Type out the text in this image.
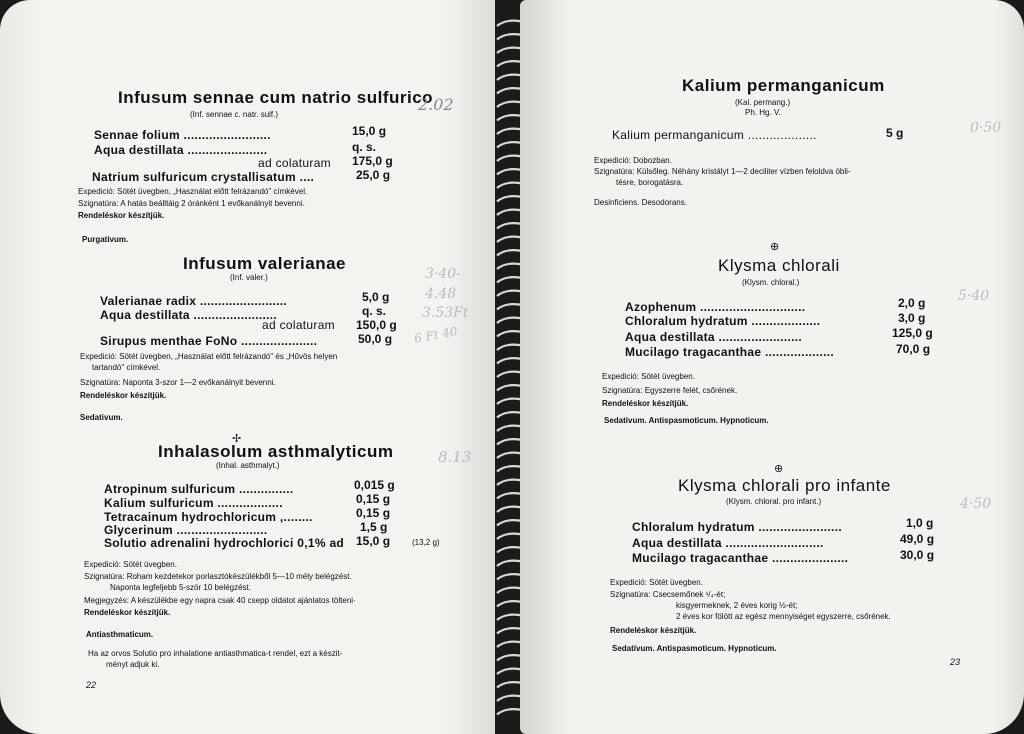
Infusum sennae cum natrio sulfurico
(Inf. sennae c. natr. sulf.)
2.02
Sennae folium ........................	15,0 g
Aqua destillata ......................	q. s.
ad colaturam 175,0 g
Natrium sulfuricum crystallisatum ....	25,0 g
Expedició: Sötét üvegben, „Használat előtt felrázandó" címkével.
Szignatúra: A hatás beálltáig 2 óránként 1 evőkanálnyit bevenni.
Rendeléskor készítjük.
Purgativum.
Infusum valerianae
(Inf. valer.)	3·40-
4.48
3.53Ft
6 Ft 40
Valerianae radix ........................	5,0 g
Aqua destillata .......................	q. s.
ad colaturam 150,0 g
Sirupus menthae FoNo .....................	50,0 g
Expedició: Sötét üvegben, „Használat előtt felrázandó" és „Hűvös helyen
tartandó" címkével.
Szignatúra: Naponta 3-szor 1—2 evőkanálnyit bevenni.
Rendeléskor készítjük.
Sedativum.
✢
Inhalasolum asthmalyticum
(Inhal. asthmalyt.)	8.13
Atropinum sulfuricum ...............	0,015 g
Kalium sulfuricum ..................	0,15 g
Tetracainum hydrochloricum ,........	0,15 g
Glycerinum .........................	1,5 g
Solutio adrenalini hydrochlorici 0,1% ad 15,0 g	(13,2 g)
Expedició: Sötét üvegben.
Szignatúra: Roham kezdetekor porlasztókészülékből 5—10 mély belégzést.
Naponta legfeljebb 5-ször 10 belégzést.
Megjegyzés: A készülékbe egy napra csak 40 csepp oldatot ajánlatos tölteni·
Rendeléskor készítjük.
Antiasthmaticum.
Ha az orvos Solutio pro inhalatione antiasthmatica-t rendel, ezt a készit-
ményt adjuk ki.
22
Kalium permanganicum
(Kal. permang.)
Ph. Hg. V.
Kalium permanganicum ...................	5 g	0·50
Expedició: Dobozban.
Szignatúra: Külsőleg. Néhány kristályt 1—2 deciliter vízben feloldva öbli-
tésre, borogatásra.
Desinficiens. Desodorans.
⊕
Klysma chlorali
(Klysm. chloral.)
5·40
Azophenum .............................	2,0 g
Chloralum hydratum ...................	3,0 g
Aqua destillata .......................	125,0 g
Mucilago tragacanthae ...................	70,0 g
Expedició: Sötét üvegben.
Szignatúra: Egyszerre felét, csőrének.
Rendeléskor készítjük.
Sedativum. Antispasmoticum. Hypnoticum.
⊕
Klysma chlorali pro infante
(Klysm. chloral. pro infant.)	4·50
Chloralum hydratum .......................	1,0 g
Aqua destillata ...........................	49,0 g
Mucilago tragacanthae .....................	30,0 g
Expedició: Sötét üvegben.
Szignatúra: Csecsemőnek ¹/₄-ét;
kisgyermeknek, 2 éves korig ½-ét;
2 éves kor fölött az egész mennyiséget egyszerre, csőrének.
Rendeléskor készítjük.
Sedativum. Antispasmoticum. Hypnoticum.
23
